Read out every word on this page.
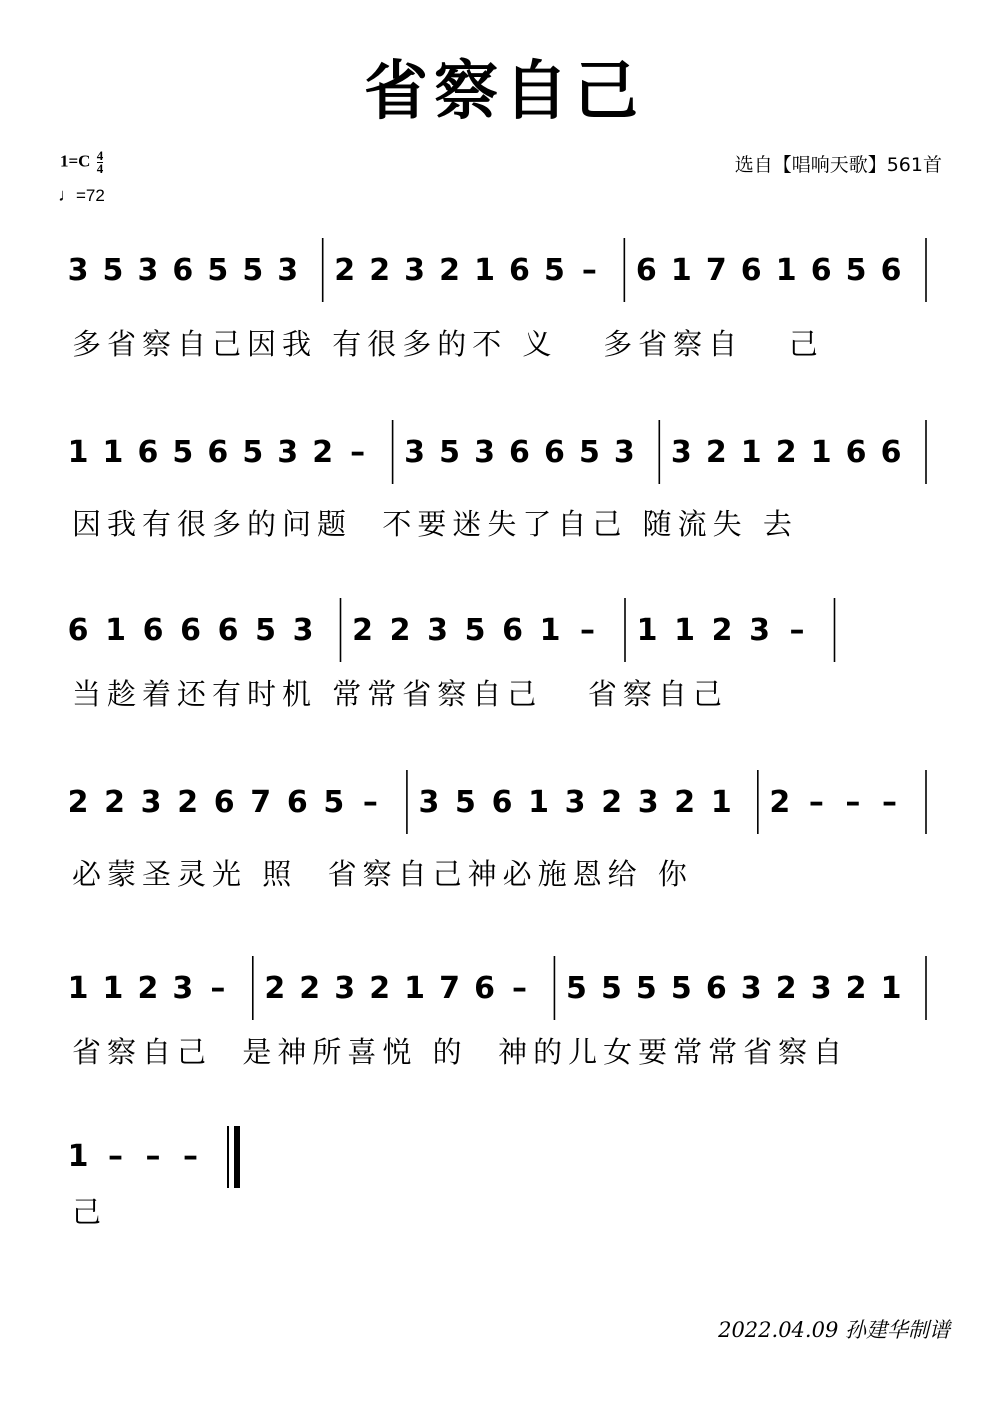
省察自己
$1=C \frac{4}{4}$
♩=72
选自【唱响天歌】561首
3 5 3 6 5 5 3 2 2 3 2 1 6 5 – 6 1 7 6 1 6 5 6
1 1 6 5 6 5 3 2 – 3 5 3 6 6 5 3 3 2 1 2 1 6 6
6 1 6 6 6 5 3 2 2 3 5 6 1 – 1 1 2 3 –
2 2 3 2 6 7 6 5 – 3 5 6 1 3 2 3 2 1 2 – – –
1 1 2 3 – 2 2 3 2 1 7 6 – 5 5 5 5 6 3 2 3 2 1
1 – – –
多省察自己因我 有很多的不 义   多省察自   己
因我有很多的问题  不要迷失了自己 随流失 去
当趁着还有时机 常常省察自己   省察自己
必蒙圣灵光 照  省察自己神必施恩给 你
省察自己  是神所喜悦 的  神的儿女要常常省察自
己
2022.04.09 孙建华制谱
